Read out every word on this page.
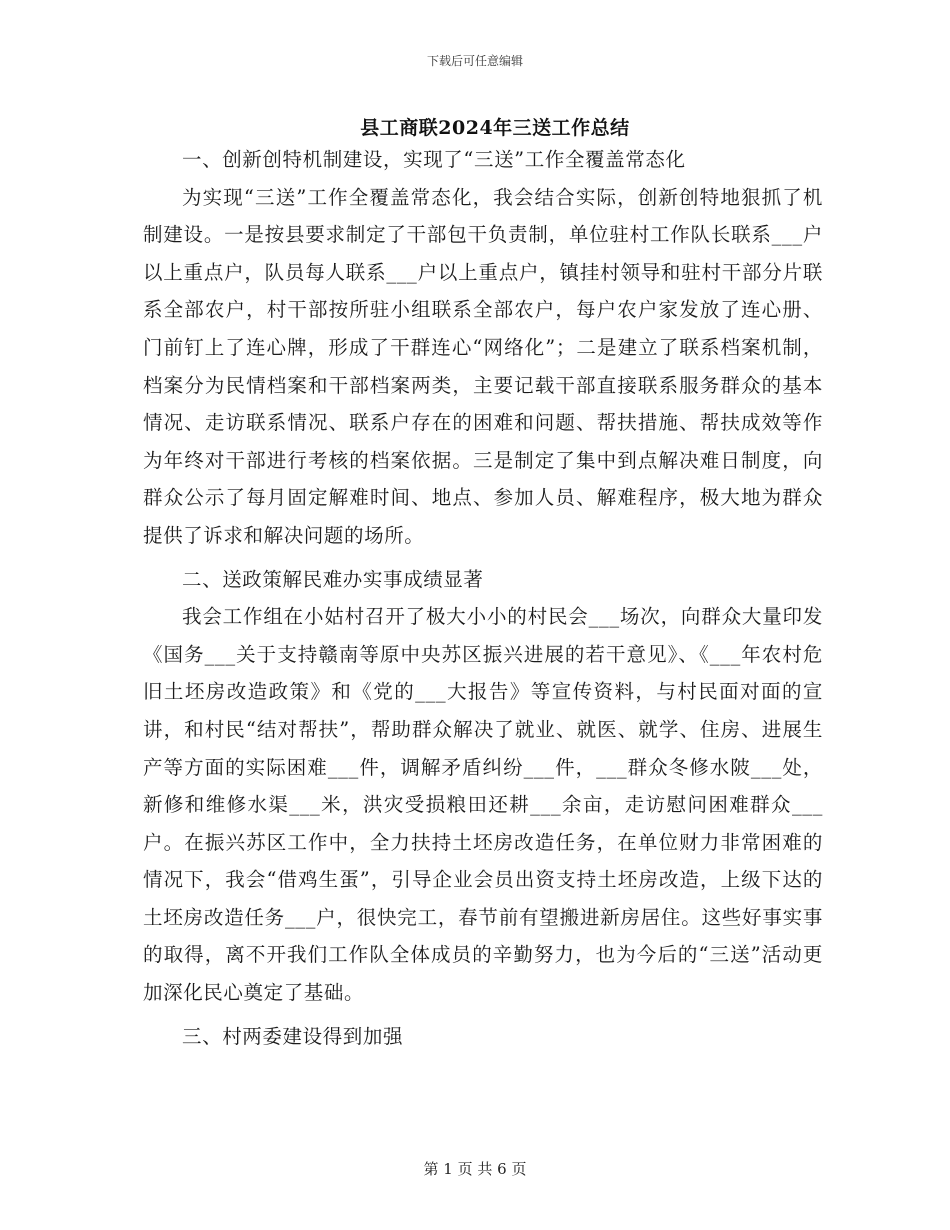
下载后可任意编辑
县工商联2024年三送工作总结

一、创新创特机制建设，实现了“三送”工作全覆盖常态化

为实现“三送”工作全覆盖常态化，我会结合实际，创新创特地狠抓了机制建设。一是按县要求制定了干部包干负责制，单位驻村工作队长联系___户以上重点户，队员每人联系___户以上重点户，镇挂村领导和驻村干部分片联系全部农户，村干部按所驻小组联系全部农户，每户农户家发放了连心册、门前钉上了连心牌，形成了干群连心“网络化”；二是建立了联系档案机制，档案分为民情档案和干部档案两类，主要记载干部直接联系服务群众的基本情况、走访联系情况、联系户存在的困难和问题、帮扶措施、帮扶成效等作为年终对干部进行考核的档案依据。三是制定了集中到点解决难日制度，向群众公示了每月固定解难时间、地点、参加人员、解难程序，极大地为群众提供了诉求和解决问题的场所。

二、送政策解民难办实事成绩显著

我会工作组在小姑村召开了极大小小的村民会___场次，向群众大量印发《国务___关于支持赣南等原中央苏区振兴进展的若干意见》、《___年农村危旧土坯房改造政策》和《党的___大报告》等宣传资料，与村民面对面的宣讲，和村民“结对帮扶”，帮助群众解决了就业、就医、就学、住房、进展生产等方面的实际困难___件，调解矛盾纠纷___件，___群众冬修水陂___处，新修和维修水渠___米，洪灾受损粮田还耕___余亩，走访慰问困难群众___户。在振兴苏区工作中，全力扶持土坯房改造任务，在单位财力非常困难的情况下，我会“借鸡生蛋”，引导企业会员出资支持土坯房改造，上级下达的土坯房改造任务___户，很快完工，春节前有望搬进新房居住。这些好事实事的取得，离不开我们工作队全体成员的辛勤努力，也为今后的“三送”活动更加深化民心奠定了基础。

三、村两委建设得到加强

第 1 页 共 6 页
